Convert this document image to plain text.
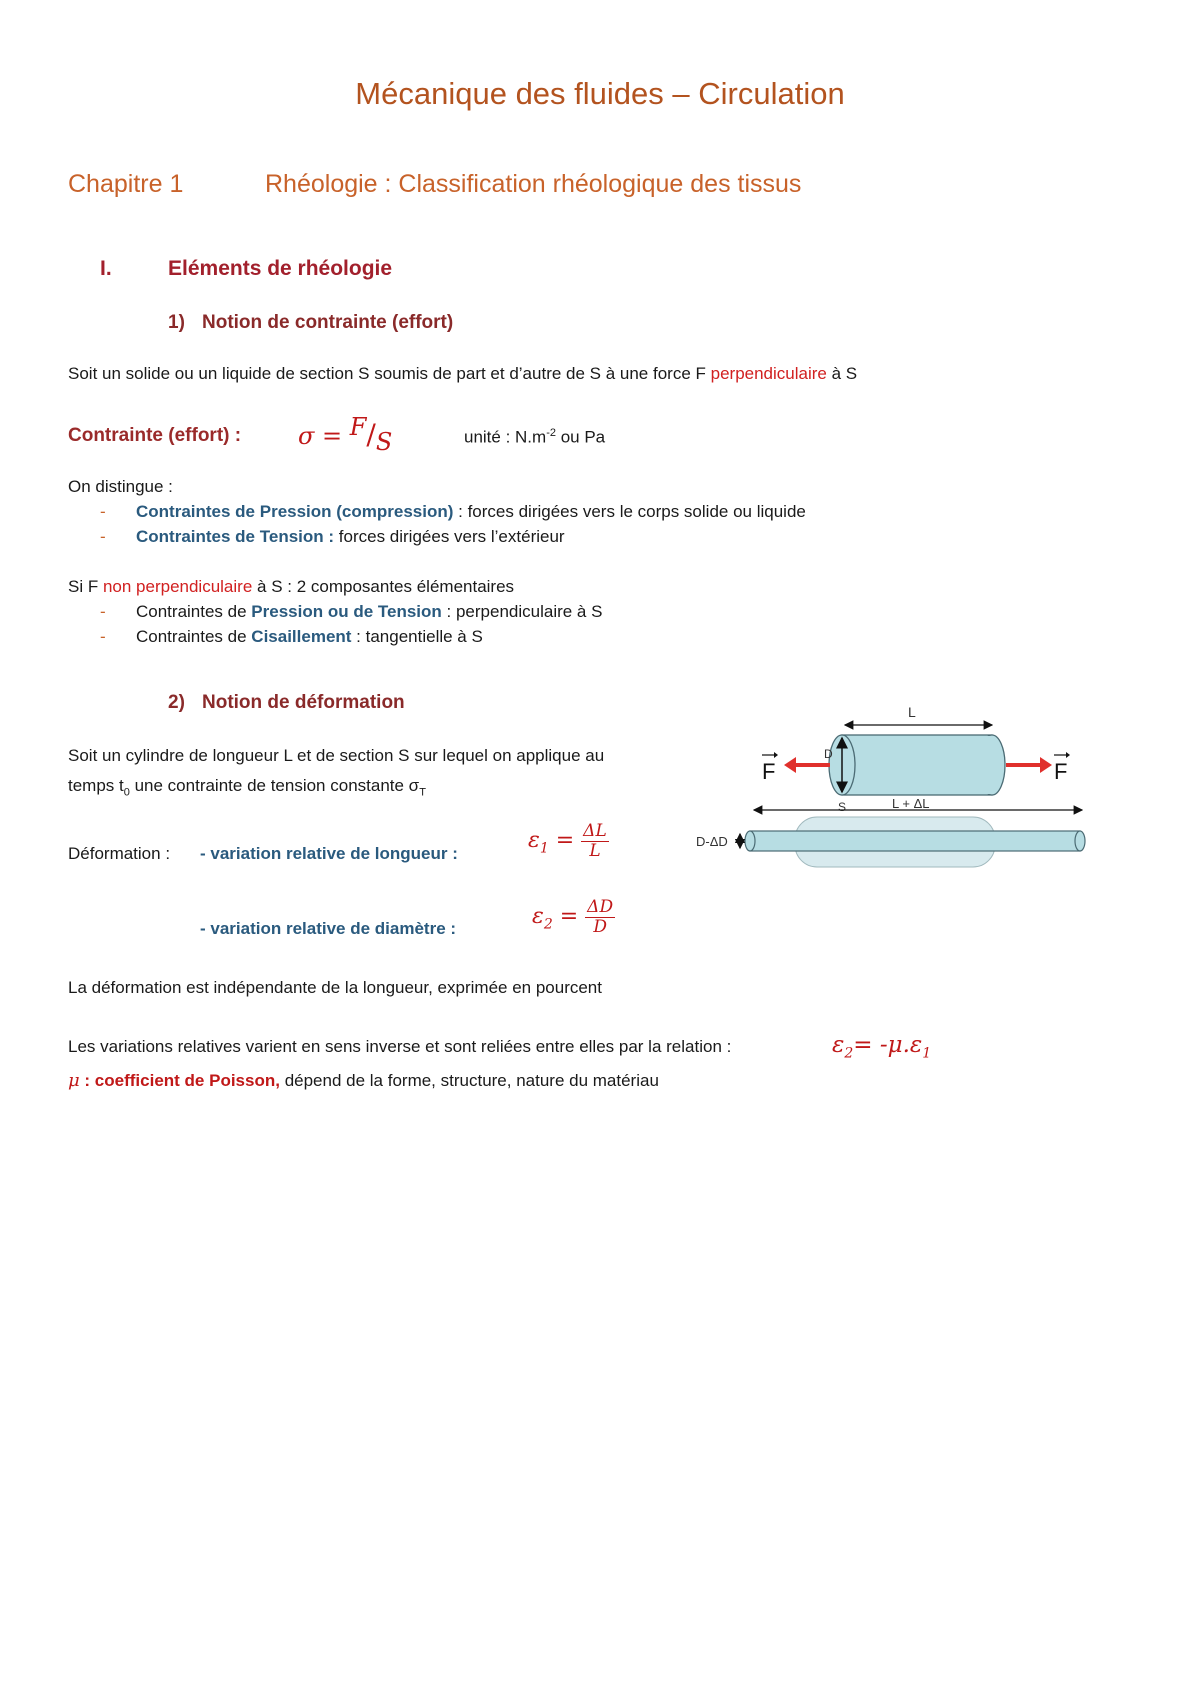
Mécanique des fluides – Circulation
Chapitre 1	Rhéologie : Classification rhéologique des tissus
I.	Eléments de rhéologie
1) Notion de contrainte (effort)
Soit un solide ou un liquide de section S soumis de part et d’autre de S à une force F perpendiculaire à S
Contrainte (effort) : σ = F/S	unité : $N.m^{-2}$ ou Pa
On distingue :
- Contraintes de Pression (compression) : forces dirigées vers le corps solide ou liquide
- Contraintes de Tension : forces dirigées vers l’extérieur
Si F non perpendiculaire à S : 2 composantes élémentaires
- Contraintes de Pression ou de Tension : perpendiculaire à S
- Contraintes de Cisaillement : tangentielle à S
2) Notion de déformation
Soit un cylindre de longueur L et de section S sur lequel on applique au
temps $t_0$ une contrainte de tension constante $\sigma_T$
Déformation : - variation relative de longueur :
$\varepsilon_1 = \frac{\Delta L}{L}$
- variation relative de diamètre :	$\varepsilon_2 = \frac{\Delta D}{D}$
La déformation est indépendante de la longueur, exprimée en pourcent
Les variations relatives varient en sens inverse et sont reliées entre elles par la relation :	$\varepsilon_2= -\mu.\varepsilon_1$
μ : coefficient de Poisson, dépend de la forme, structure, nature du matériau
L
D
S
F	F
L + ΔL
D-ΔD
